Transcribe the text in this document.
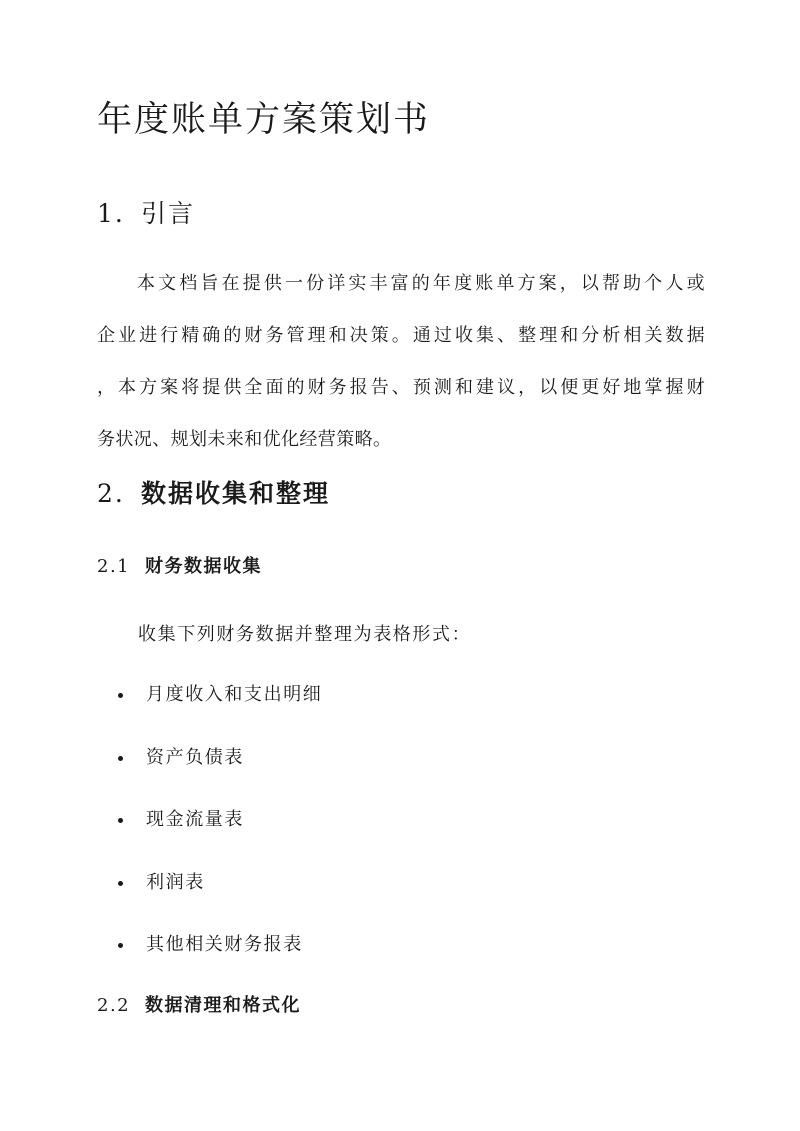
年度账单方案策划书
1. 引言
本文档旨在提供一份详实丰富的年度账单方案，以帮助个人或
企业进行精确的财务管理和决策。通过收集、整理和分析相关数据
，本方案将提供全面的财务报告、预测和建议，以便更好地掌握财
务状况、规划未来和优化经营策略。
2. 数据收集和整理
2.1 财务数据收集

收集下列财务数据并整理为表格形式：

月度收入和支出明细
资产负债表
现金流量表
利润表
其他相关财务报表
2.2 数据清理和格式化
